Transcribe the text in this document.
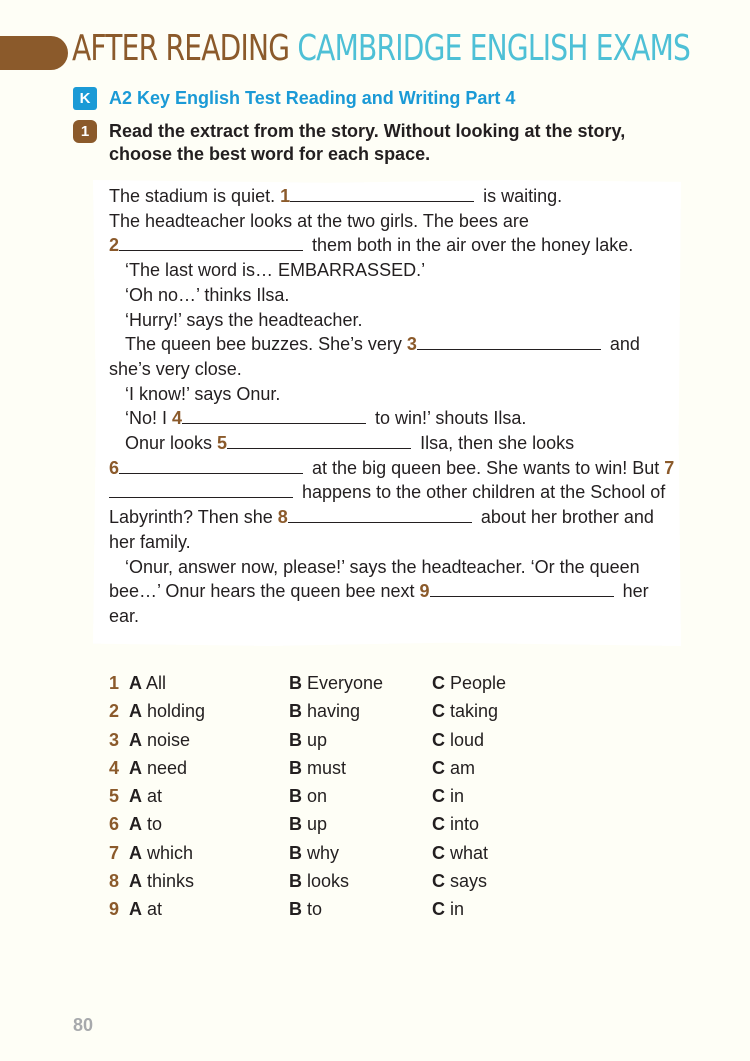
AFTER READING CAMBRIDGE ENGLISH EXAMS
K	A2 Key English Test Reading and Writing Part 4
1	Read the extract from the story. Without looking at the story, choose the best word for each space.

The stadium is quiet. 1	is waiting.

The headteacher looks at the two girls. The bees are

2	them both in the air over the honey lake.

‘The last word is… EMBARRASSED.’

‘Oh no…’ thinks Ilsa.

‘Hurry!’ says the headteacher.

The queen bee buzzes. She’s very 3	and she’s very close.

‘I know!’ says Onur.

‘No! I 4	to win!’ shouts Ilsa.

Onur looks 5	Ilsa, then she looks

6	at the big queen bee. She wants to win! But 7 happens to the other children at the School of Labyrinth? Then she 8	about her brother and her family.

‘Onur, answer now, please!’ says the headteacher. ‘Or the queen bee…’ Onur hears the queen bee next 9	her ear.

1 A All	B Everyone	C People
2 A holding	B having	C taking
3 A noise	B up	C loud
4 A need	B must	C am
5 A at	B on	C in
6 A to	B up	C into
7 A which	B why	C what
8 A thinks	B looks	C says
9 A at	B to	C in
80
